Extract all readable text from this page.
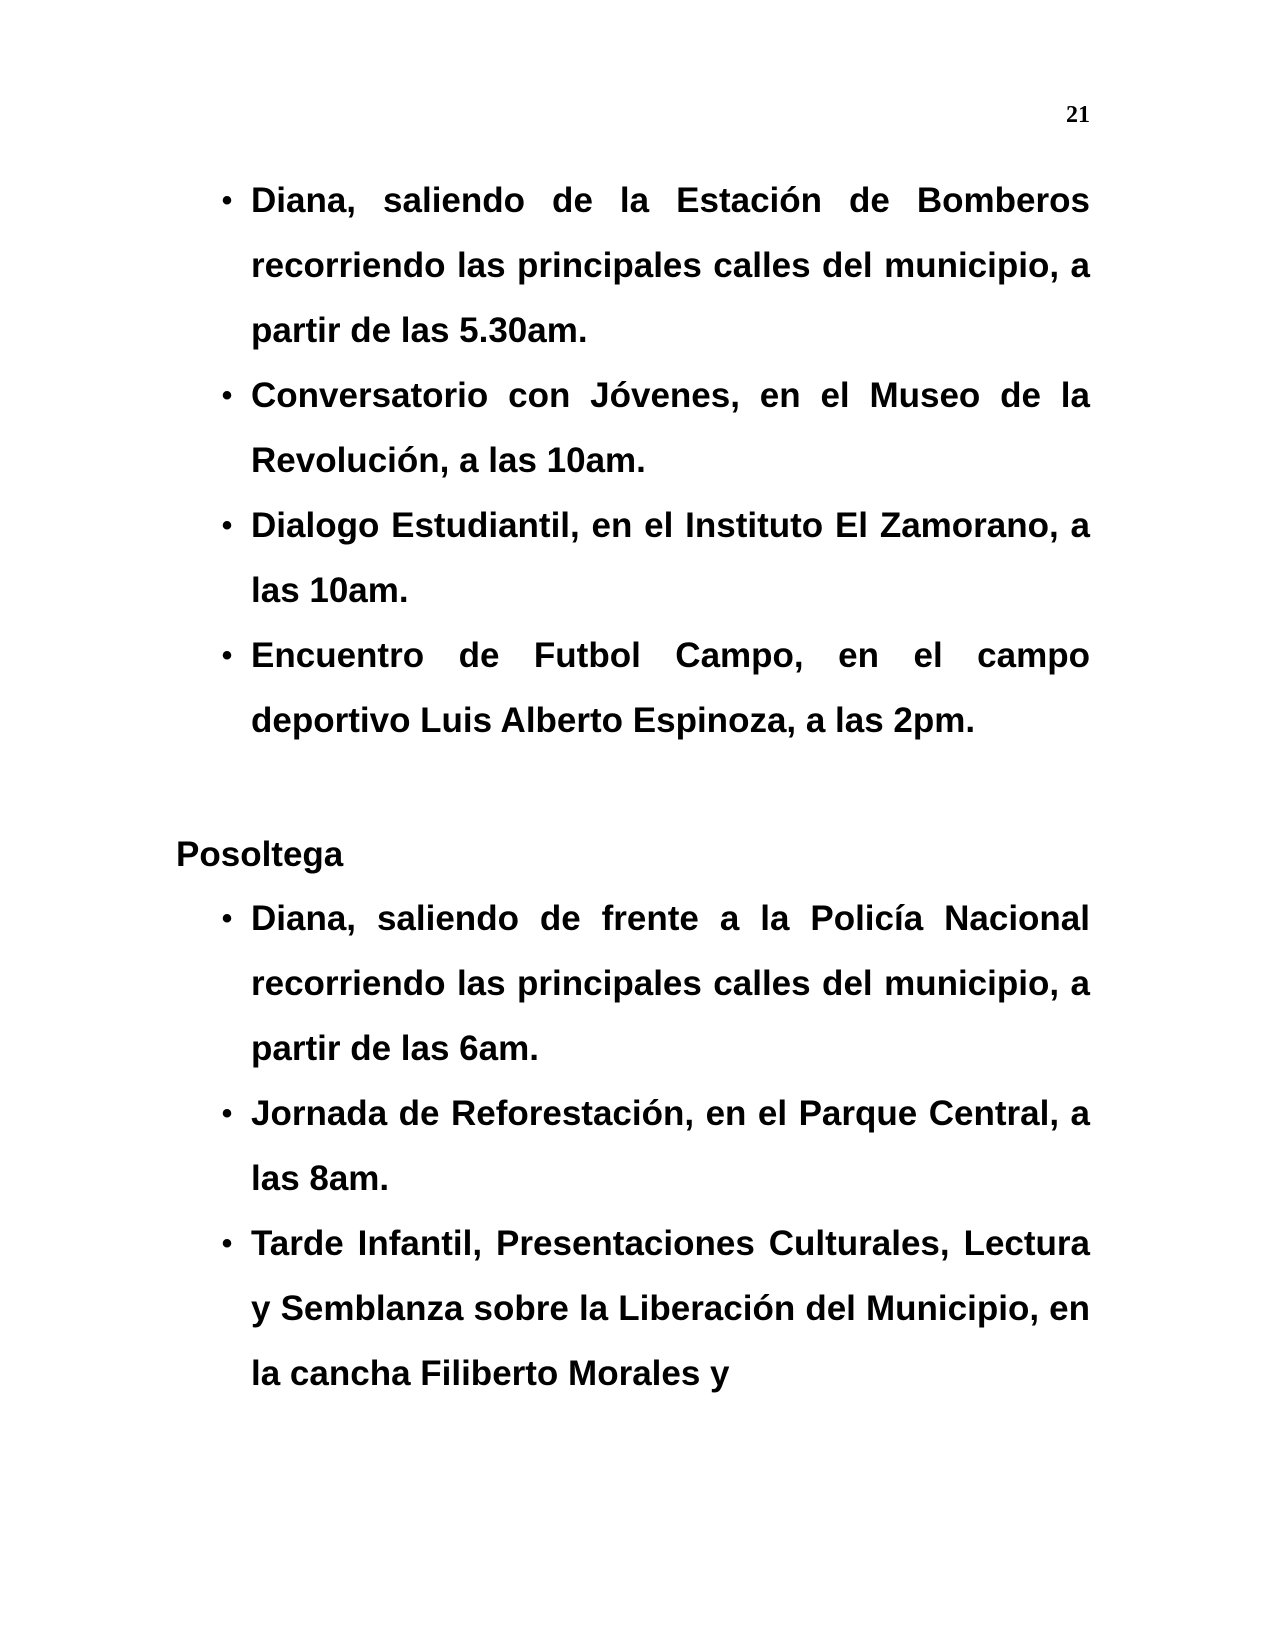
21
• Diana, saliendo de la Estación de Bomberos recorriendo las principales calles del municipio, a partir de las 5.30am.
• Conversatorio con Jóvenes, en el Museo de la Revolución, a las 10am.
• Dialogo Estudiantil, en el Instituto El Zamorano, a las 10am.
• Encuentro de Futbol Campo, en el campo deportivo Luis Alberto Espinoza, a las 2pm.
Posoltega
• Diana, saliendo de frente a la Policía Nacional recorriendo las principales calles del municipio, a partir de las 6am.
• Jornada de Reforestación, en el Parque Central, a las 8am.
• Tarde Infantil, Presentaciones Culturales, Lectura y Semblanza sobre la Liberación del Municipio, en la cancha Filiberto Morales y
